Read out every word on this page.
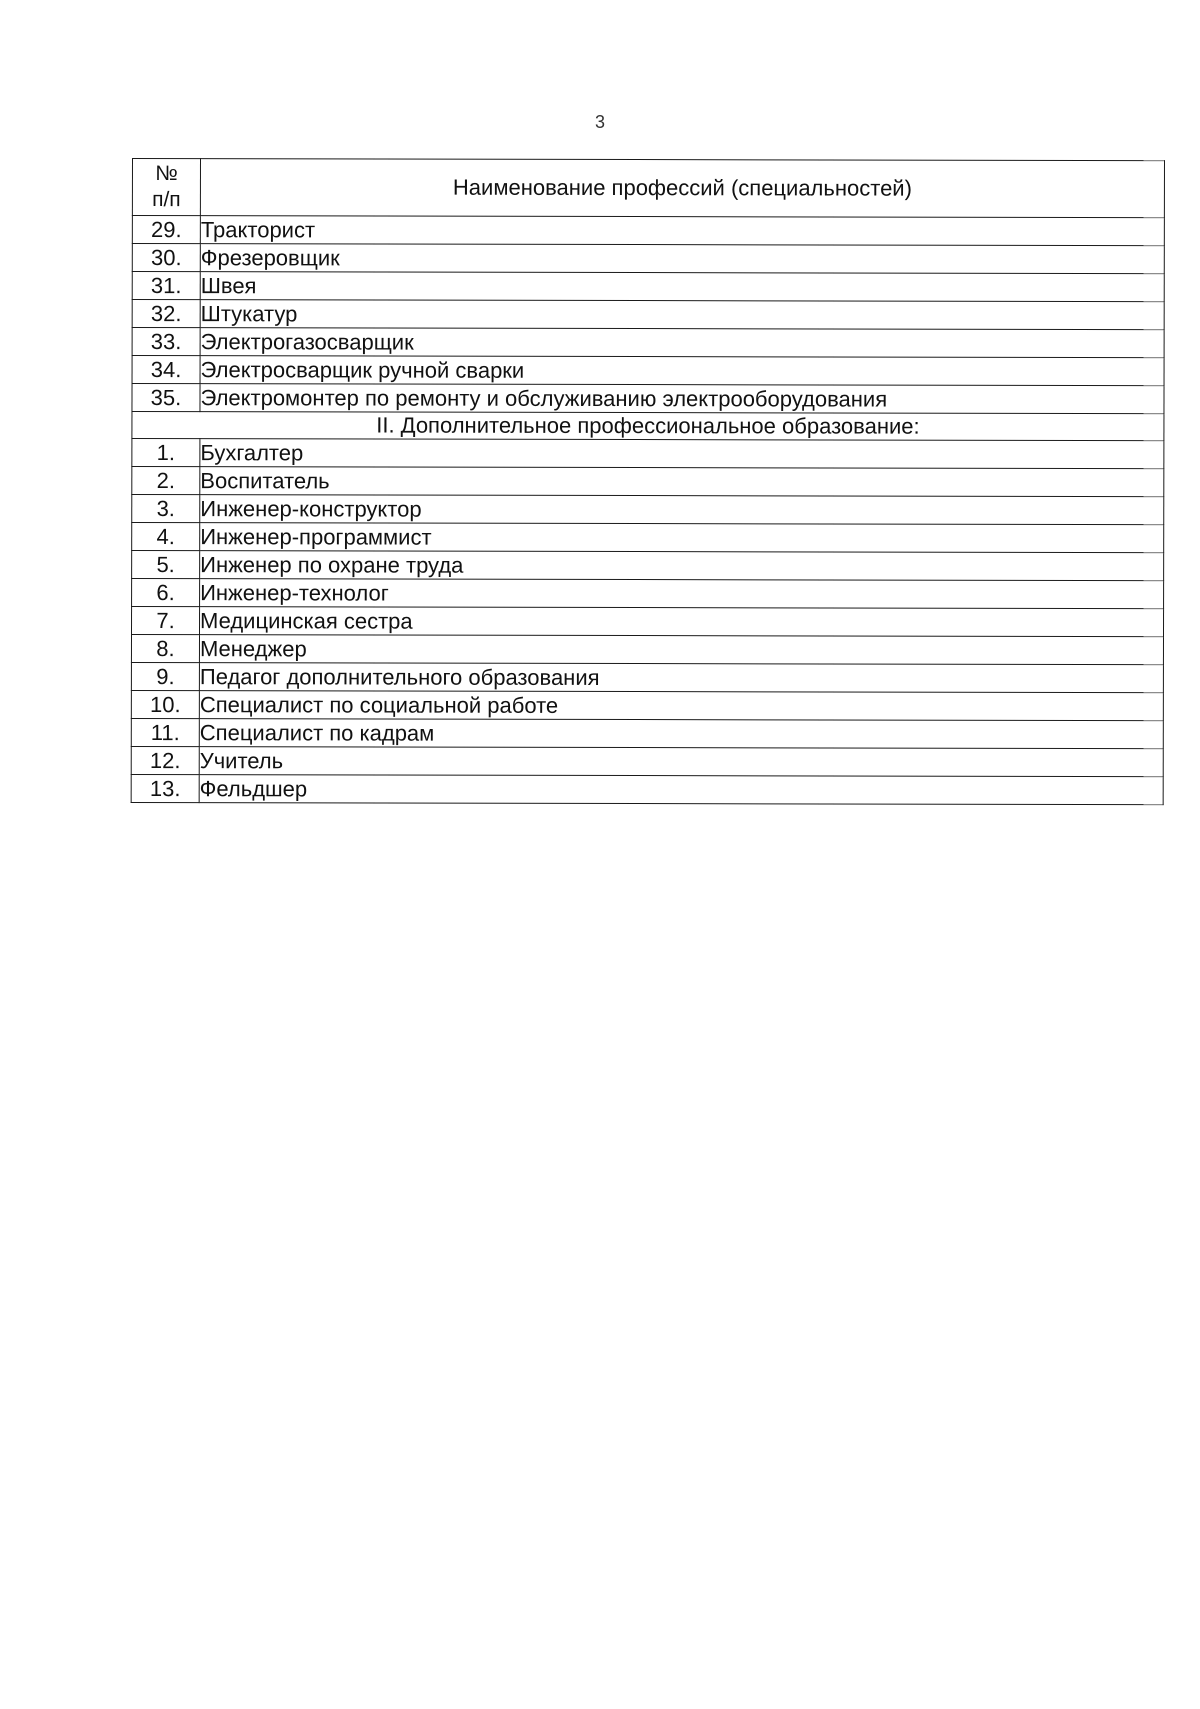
3
№
п/п	Наименование профессий (специальностей)
29.	Тракторист
30.	Фрезеровщик
31.	Швея
32.	Штукатур
33.	Электрогазосварщик
34.	Электросварщик ручной сварки
35.	Электромонтер по ремонту и обслуживанию электрооборудования
II. Дополнительное профессиональное образование:	
1.	Бухгалтер
2.	Воспитатель
3.	Инженер-конструктор
4.	Инженер-программист
5.	Инженер по охране труда
6.	Инженер-технолог
7.	Медицинская сестра
8.	Менеджер
9.	Педагог дополнительного образования
10.	Специалист по социальной работе
11.	Специалист по кадрам
12.	Учитель
13.	Фельдшер
